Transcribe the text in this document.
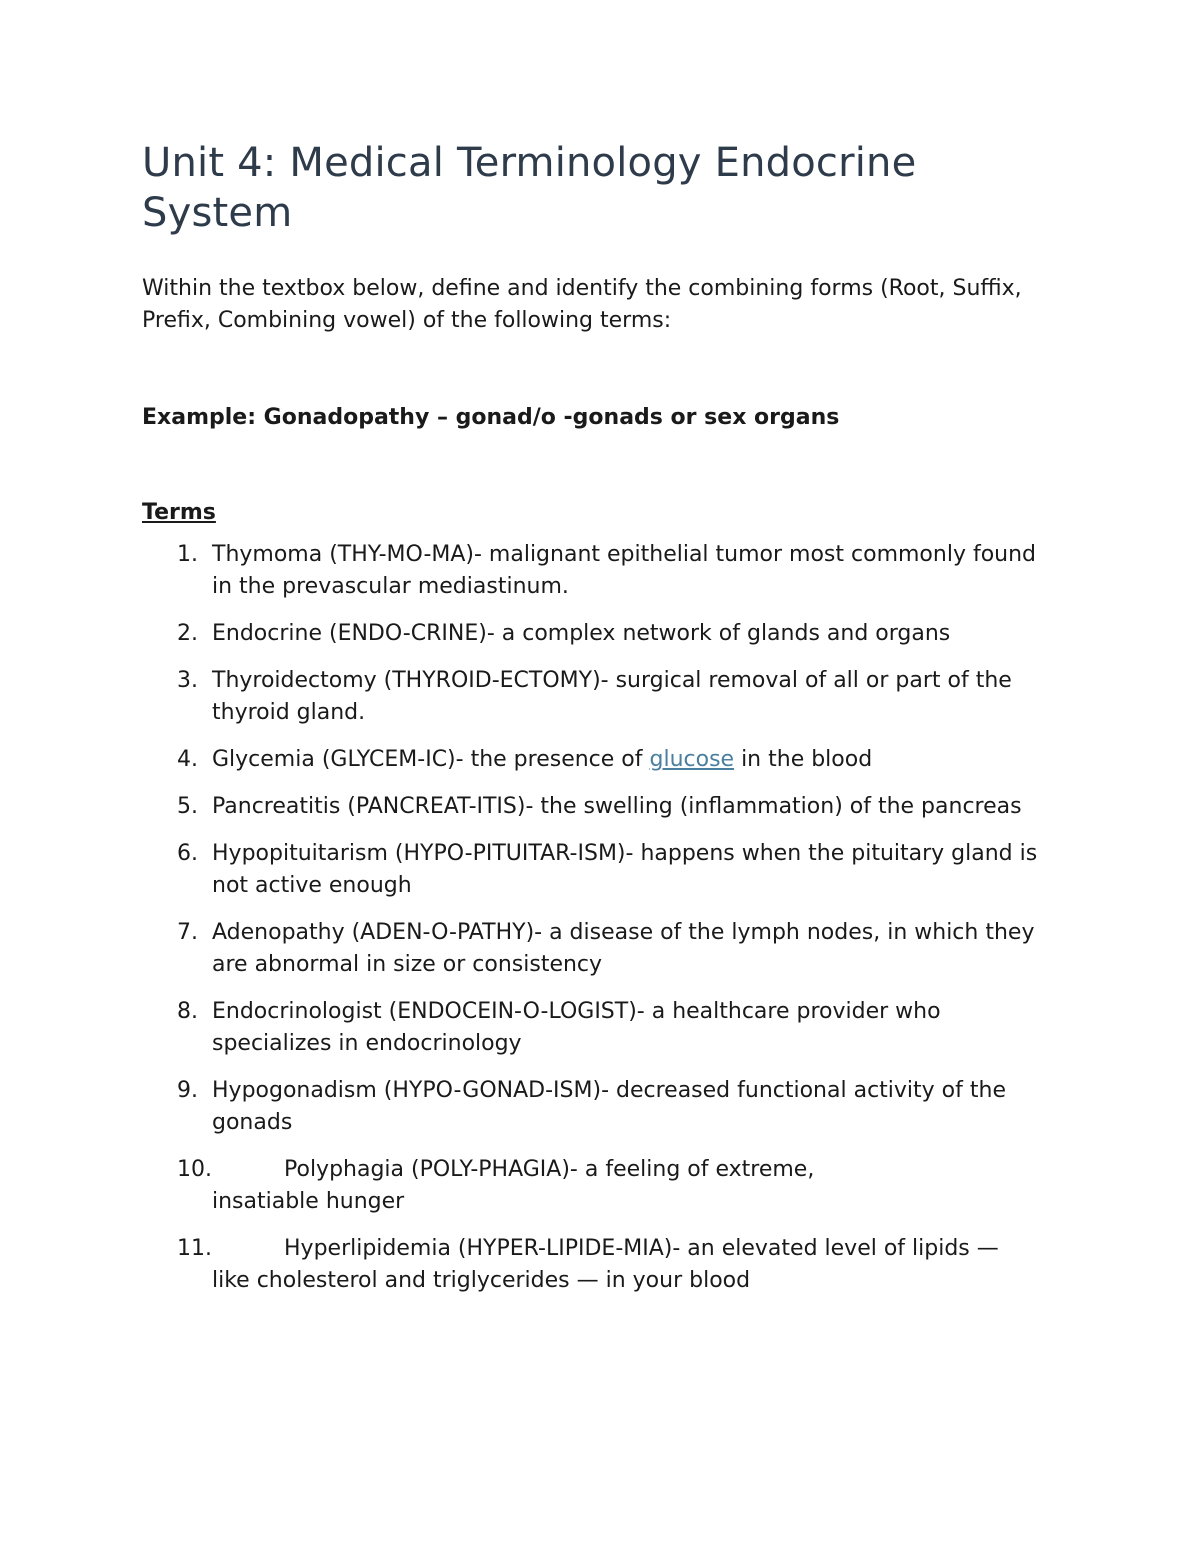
Unit 4: Medical Terminology Endocrine System

Within the textbox below, define and identify the combining forms (Root, Suffix, Prefix, Combining vowel) of the following terms:

Example: Gonadopathy – gonad/o -gonads or sex organs

Terms

1. Thymoma (THY-MO-MA)- malignant epithelial tumor most commonly found in the prevascular mediastinum.
2. Endocrine (ENDO-CRINE)- a complex network of glands and organs
3. Thyroidectomy (THYROID-ECTOMY)- surgical removal of all or part of the thyroid gland.
4. Glycemia (GLYCEM-IC)- the presence of glucose in the blood
5. Pancreatitis (PANCREAT-ITIS)- the swelling (inflammation) of the pancreas
6. Hypopituitarism (HYPO-PITUITAR-ISM)- happens when the pituitary gland is not active enough
7. Adenopathy (ADEN-O-PATHY)- a disease of the lymph nodes, in which they are abnormal in size or consistency
8. Endocrinologist (ENDOCEIN-O-LOGIST)- a healthcare provider who specializes in endocrinology
9. Hypogonadism (HYPO-GONAD-ISM)- decreased functional activity of the gonads
10.	Polyphagia (POLY-PHAGIA)- a feeling of extreme,
insatiable hunger
11.	Hyperlipidemia (HYPER-LIPIDE-MIA)- an elevated level of lipids —
like cholesterol and triglycerides — in your blood
